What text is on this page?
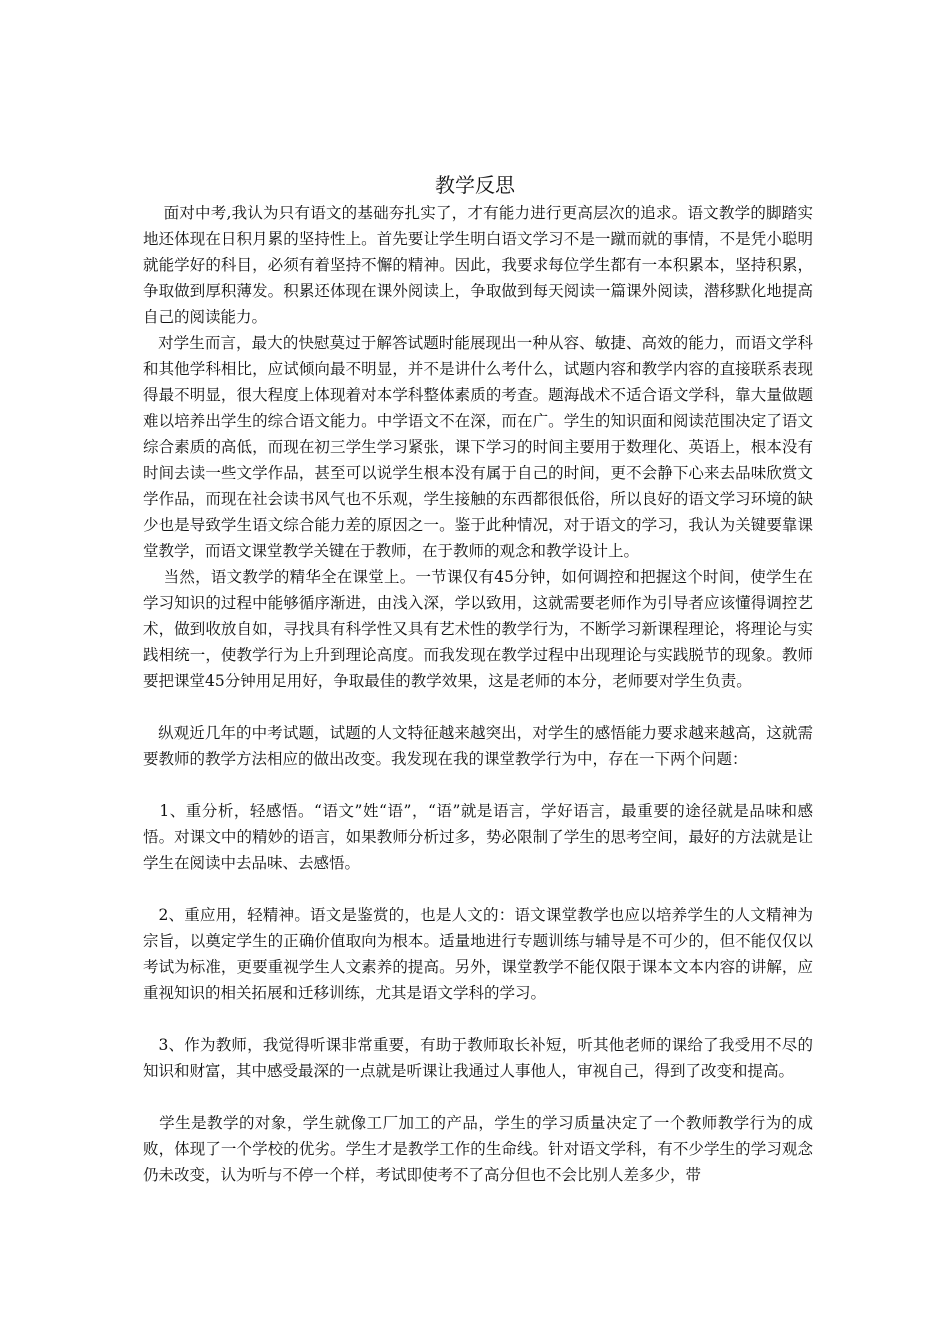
教学反思

面对中考,我认为只有语文的基础夯扎实了，才有能力进行更高层次的追求。语文教学的脚踏实地还体现在日积月累的坚持性上。首先要让学生明白语文学习不是一蹴而就的事情，不是凭小聪明就能学好的科目，必须有着坚持不懈的精神。因此，我要求每位学生都有一本积累本，坚持积累，争取做到厚积薄发。积累还体现在课外阅读上，争取做到每天阅读一篇课外阅读，潜移默化地提高自己的阅读能力。

对学生而言，最大的快慰莫过于解答试题时能展现出一种从容、敏捷、高效的能力，而语文学科和其他学科相比，应试倾向最不明显，并不是讲什么考什么，试题内容和教学内容的直接联系表现得最不明显，很大程度上体现着对本学科整体素质的考查。题海战术不适合语文学科，靠大量做题难以培养出学生的综合语文能力。中学语文不在深，而在广。学生的知识面和阅读范围决定了语文综合素质的高低，而现在初三学生学习紧张，课下学习的时间主要用于数理化、英语上，根本没有时间去读一些文学作品，甚至可以说学生根本没有属于自己的时间，更不会静下心来去品味欣赏文学作品，而现在社会读书风气也不乐观，学生接触的东西都很低俗，所以良好的语文学习环境的缺少也是导致学生语文综合能力差的原因之一。鉴于此种情况，对于语文的学习，我认为关键要靠课堂教学，而语文课堂教学关键在于教师，在于教师的观念和教学设计上。

当然，语文教学的精华全在课堂上。一节课仅有45分钟，如何调控和把握这个时间，使学生在学习知识的过程中能够循序渐进，由浅入深，学以致用，这就需要老师作为引导者应该懂得调控艺术，做到收放自如，寻找具有科学性又具有艺术性的教学行为，不断学习新课程理论，将理论与实践相统一，使教学行为上升到理论高度。而我发现在教学过程中出现理论与实践脱节的现象。教师要把课堂45分钟用足用好，争取最佳的教学效果，这是老师的本分，老师要对学生负责。

纵观近几年的中考试题，试题的人文特征越来越突出，对学生的感悟能力要求越来越高，这就需要教师的教学方法相应的做出改变。我发现在我的课堂教学行为中，存在一下两个问题：

1、重分析，轻感悟。“语文”姓“语”，“语”就是语言，学好语言，最重要的途径就是品味和感悟。对课文中的精妙的语言，如果教师分析过多，势必限制了学生的思考空间，最好的方法就是让学生在阅读中去品味、去感悟。

2、重应用，轻精神。语文是鉴赏的，也是人文的：语文课堂教学也应以培养学生的人文精神为宗旨，以奠定学生的正确价值取向为根本。适量地进行专题训练与辅导是不可少的，但不能仅仅以考试为标准，更要重视学生人文素养的提高。另外，课堂教学不能仅限于课本文本内容的讲解，应重视知识的相关拓展和迁移训练，尤其是语文学科的学习。

3、作为教师，我觉得听课非常重要，有助于教师取长补短，听其他老师的课给了我受用不尽的知识和财富，其中感受最深的一点就是听课让我通过人事他人，审视自己，得到了改变和提高。

学生是教学的对象，学生就像工厂加工的产品，学生的学习质量决定了一个教师教学行为的成败，体现了一个学校的优劣。学生才是教学工作的生命线。针对语文学科，有不少学生的学习观念仍未改变，认为听与不停一个样，考试即使考不了高分但也不会比别人差多少，带
